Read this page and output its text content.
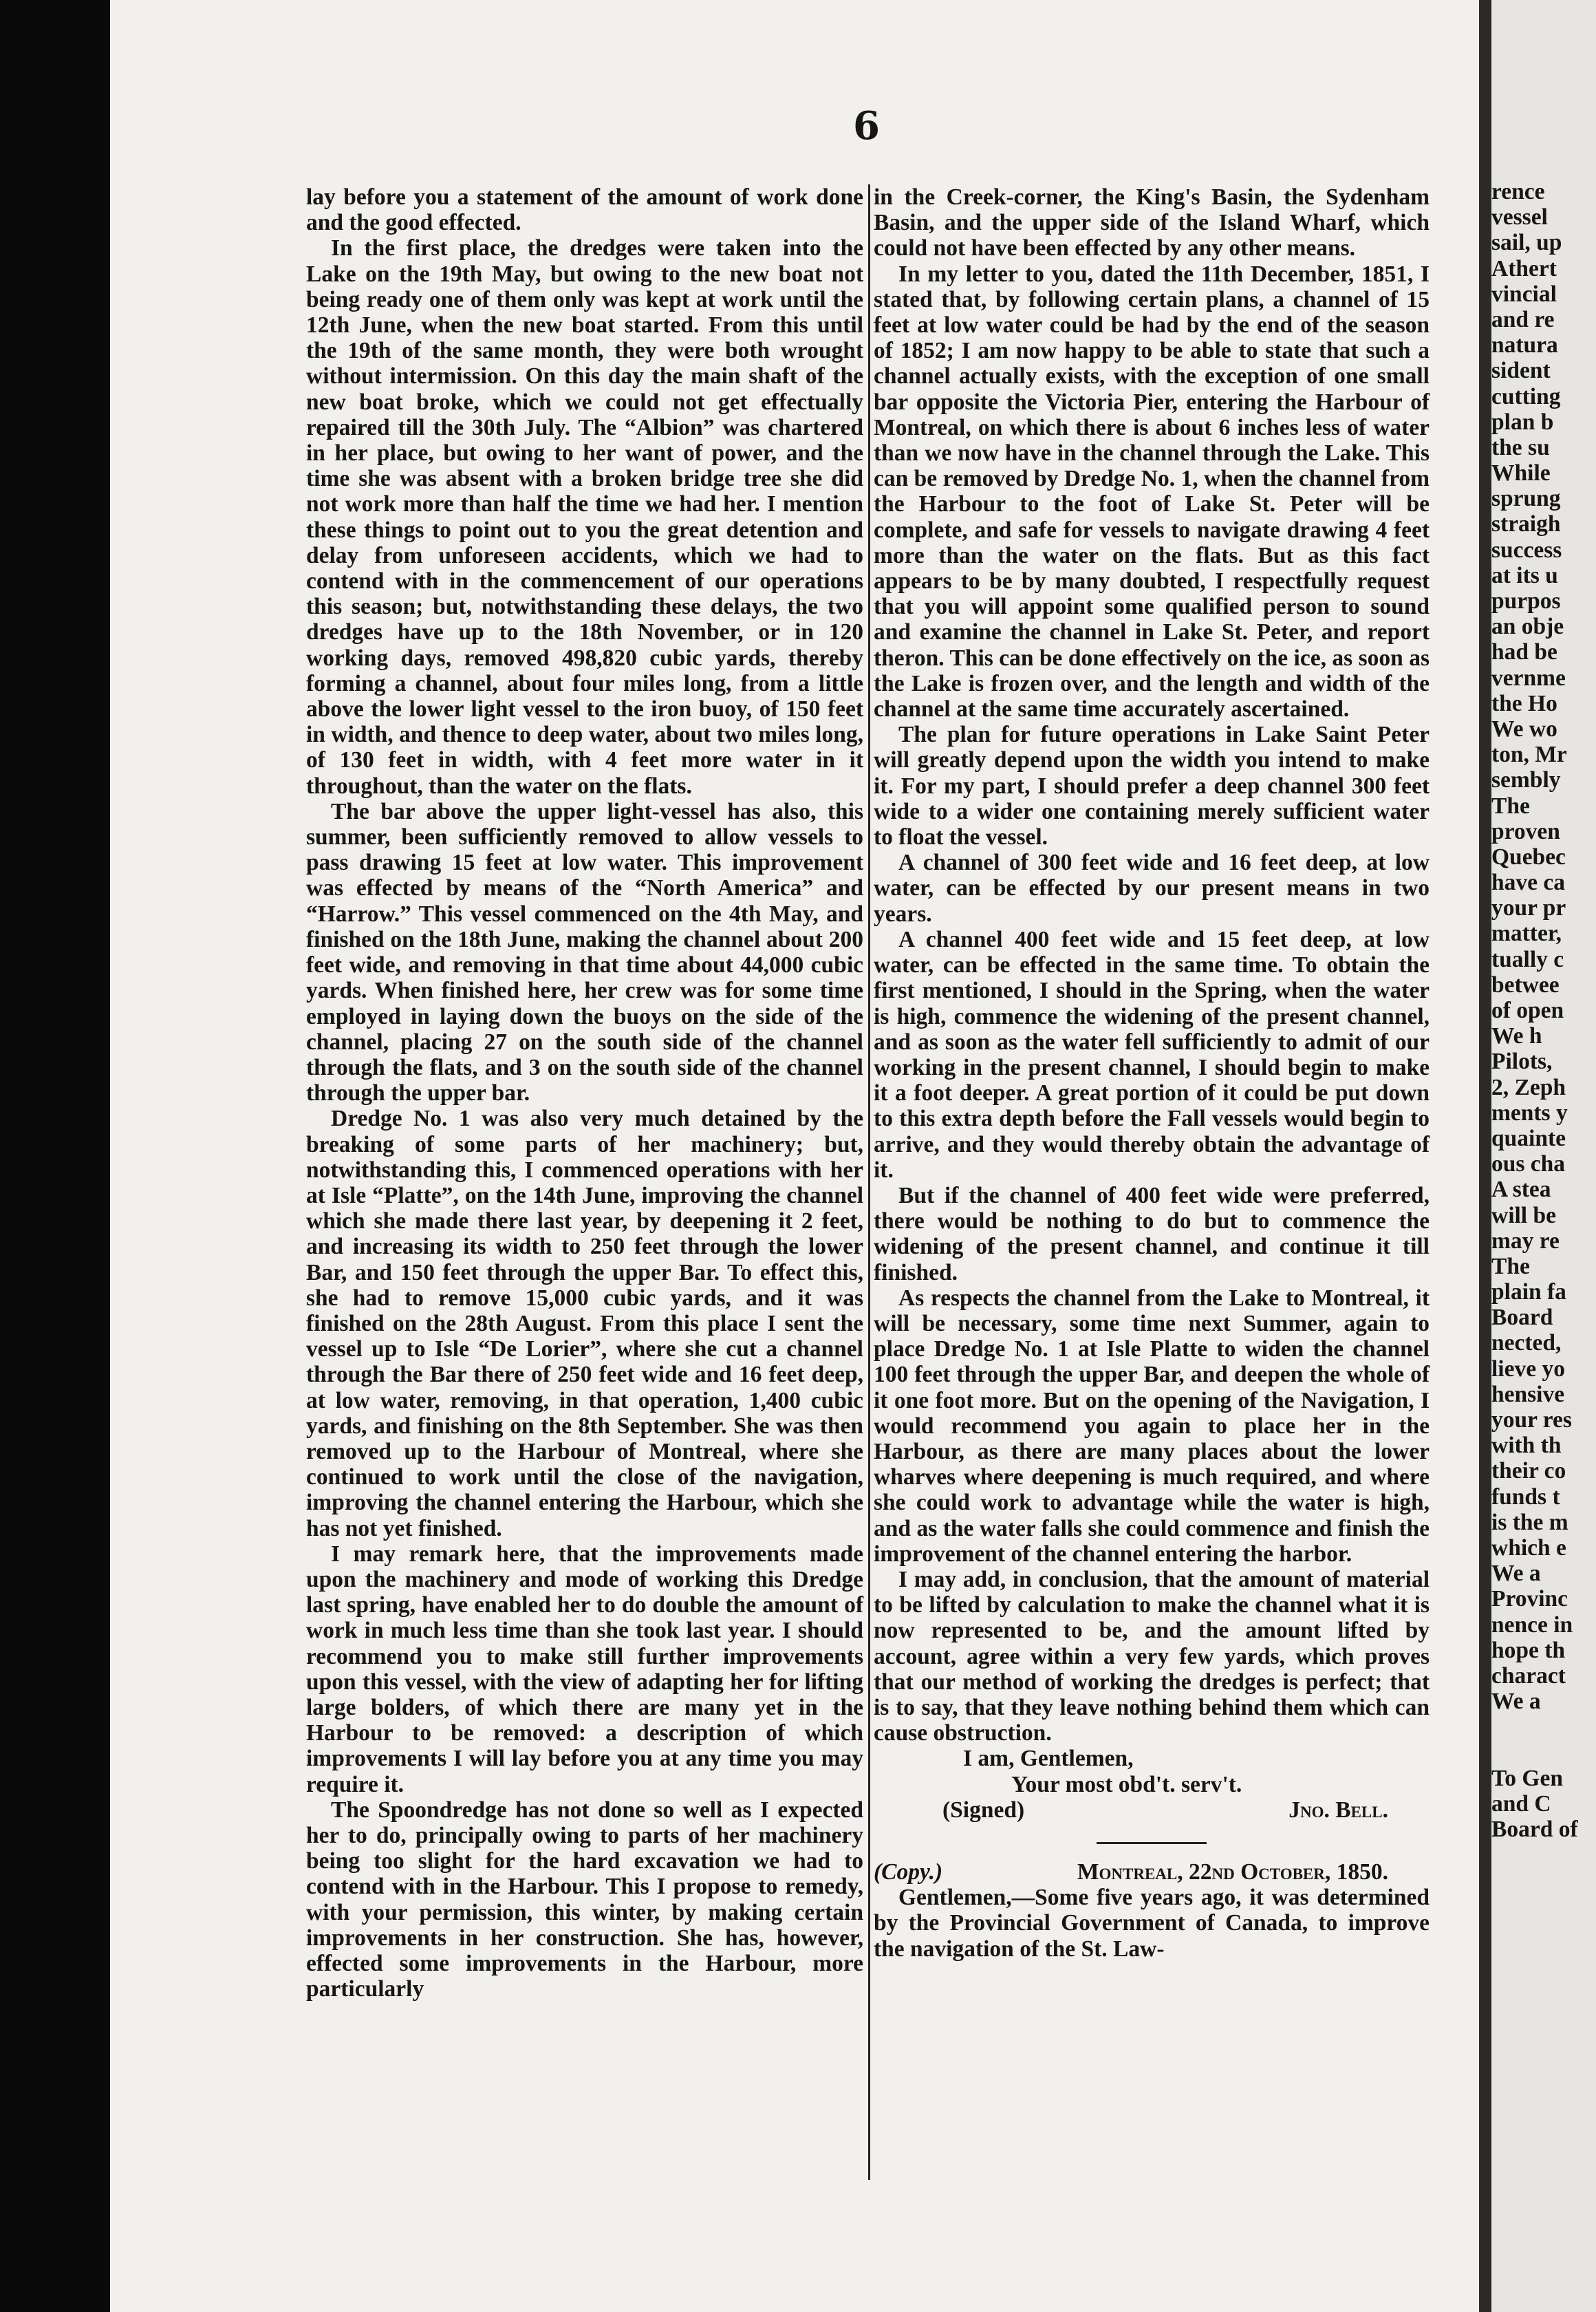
6

lay before you a statement of the amount of work done and the good effected.

In the first place, the dredges were taken into the Lake on the 19th May, but owing to the new boat not being ready one of them only was kept at work until the 12th June, when the new boat started. From this until the 19th of the same month, they were both wrought without intermission. On this day the main shaft of the new boat broke, which we could not get effectually repaired till the 30th July. The “Albion” was chartered in her place, but owing to her want of power, and the time she was absent with a broken bridge tree she did not work more than half the time we had her. I mention these things to point out to you the great detention and delay from unforeseen accidents, which we had to contend with in the commencement of our operations this season; but, notwithstanding these delays, the two dredges have up to the 18th November, or in 120 working days, removed 498,820 cubic yards, thereby forming a channel, about four miles long, from a little above the lower light vessel to the iron buoy, of 150 feet in width, and thence to deep water, about two miles long, of 130 feet in width, with 4 feet more water in it throughout, than the water on the flats.

The bar above the upper light-vessel has also, this summer, been sufficiently removed to allow vessels to pass drawing 15 feet at low water. This improvement was effected by means of the “North America” and “Harrow.” This vessel commenced on the 4th May, and finished on the 18th June, making the channel about 200 feet wide, and removing in that time about 44,000 cubic yards. When finished here, her crew was for some time employed in laying down the buoys on the side of the channel, placing 27 on the south side of the channel through the flats, and 3 on the south side of the channel through the upper bar.

Dredge No. 1 was also very much detained by the breaking of some parts of her machinery; but, notwithstanding this, I commenced operations with her at Isle “Platte”, on the 14th June, improving the channel which she made there last year, by deepening it 2 feet, and increasing its width to 250 feet through the lower Bar, and 150 feet through the upper Bar. To effect this, she had to remove 15,000 cubic yards, and it was finished on the 28th August. From this place I sent the vessel up to Isle “De Lorier”, where she cut a channel through the Bar there of 250 feet wide and 16 feet deep, at low water, removing, in that operation, 1,400 cubic yards, and finishing on the 8th September. She was then removed up to the Harbour of Montreal, where she continued to work until the close of the navigation, improving the channel entering the Harbour, which she has not yet finished.

I may remark here, that the improvements made upon the machinery and mode of working this Dredge last spring, have enabled her to do double the amount of work in much less time than she took last year. I should recommend you to make still further improvements upon this vessel, with the view of adapting her for lifting large bolders, of which there are many yet in the Harbour to be removed: a description of which improvements I will lay before you at any time you may require it.

The Spoondredge has not done so well as I expected her to do, principally owing to parts of her machinery being too slight for the hard excavation we had to contend with in the Harbour. This I propose to remedy, with your permission, this winter, by making certain improvements in her construction. She has, however, effected some improvements in the Harbour, more particularly

in the Creek-corner, the King's Basin, the Sydenham Basin, and the upper side of the Island Wharf, which could not have been effected by any other means.

In my letter to you, dated the 11th December, 1851, I stated that, by following certain plans, a channel of 15 feet at low water could be had by the end of the season of 1852; I am now happy to be able to state that such a channel actually exists, with the exception of one small bar opposite the Victoria Pier, entering the Harbour of Montreal, on which there is about 6 inches less of water than we now have in the channel through the Lake. This can be removed by Dredge No. 1, when the channel from the Harbour to the foot of Lake St. Peter will be complete, and safe for vessels to navigate drawing 4 feet more than the water on the flats. But as this fact appears to be by many doubted, I respectfully request that you will appoint some qualified person to sound and examine the channel in Lake St. Peter, and report theron. This can be done effectively on the ice, as soon as the Lake is frozen over, and the length and width of the channel at the same time accurately ascertained.

The plan for future operations in Lake Saint Peter will greatly depend upon the width you intend to make it. For my part, I should prefer a deep channel 300 feet wide to a wider one containing merely sufficient water to float the vessel.

A channel of 300 feet wide and 16 feet deep, at low water, can be effected by our present means in two years.

A channel 400 feet wide and 15 feet deep, at low water, can be effected in the same time. To obtain the first mentioned, I should in the Spring, when the water is high, commence the widening of the present channel, and as soon as the water fell sufficiently to admit of our working in the present channel, I should begin to make it a foot deeper. A great portion of it could be put down to this extra depth before the Fall vessels would begin to arrive, and they would thereby obtain the advantage of it.

But if the channel of 400 feet wide were preferred, there would be nothing to do but to commence the widening of the present channel, and continue it till finished.

As respects the channel from the Lake to Montreal, it will be necessary, some time next Summer, again to place Dredge No. 1 at Isle Platte to widen the channel 100 feet through the upper Bar, and deepen the whole of it one foot more. But on the opening of the Navigation, I would recommend you again to place her in the Harbour, as there are many places about the lower wharves where deepening is much required, and where she could work to advantage while the water is high, and as the water falls she could commence and finish the improvement of the channel entering the harbor.

I may add, in conclusion, that the amount of material to be lifted by calculation to make the channel what it is now represented to be, and the amount lifted by account, agree within a very few yards, which proves that our method of working the dredges is perfect; that is to say, that they leave nothing behind them which can cause obstruction.

I am, Gentlemen,
Your most obd't. serv't.
(Signed)	Jno. Bell.
(Copy.)	Montreal, 22nd October, 1850.

Gentlemen,—Some five years ago, it was determined by the Provincial Government of Canada, to improve the navigation of the St. Law-

rence
vessel
sail, up
Athert
vincial
and re
natura
sident
cutting
plan b
the su
While
sprung
straigh
success
at its u
purpos
an obje
had be
vernme
the Ho
We wo
ton, Mr
sembly
The
proven
Quebec
have ca
your pr
matter,
tually c
betwee
of open
We h
Pilots,
2, Zeph
ments y
quainte
ous cha
A stea
will be
may re
The
plain fa
Board
nected,
lieve yo
hensive
your res
with th
their co
funds t
is the m
which e
We a
Provinc
nence in
hope th
charact
We a
To Gen
and C
Board of
